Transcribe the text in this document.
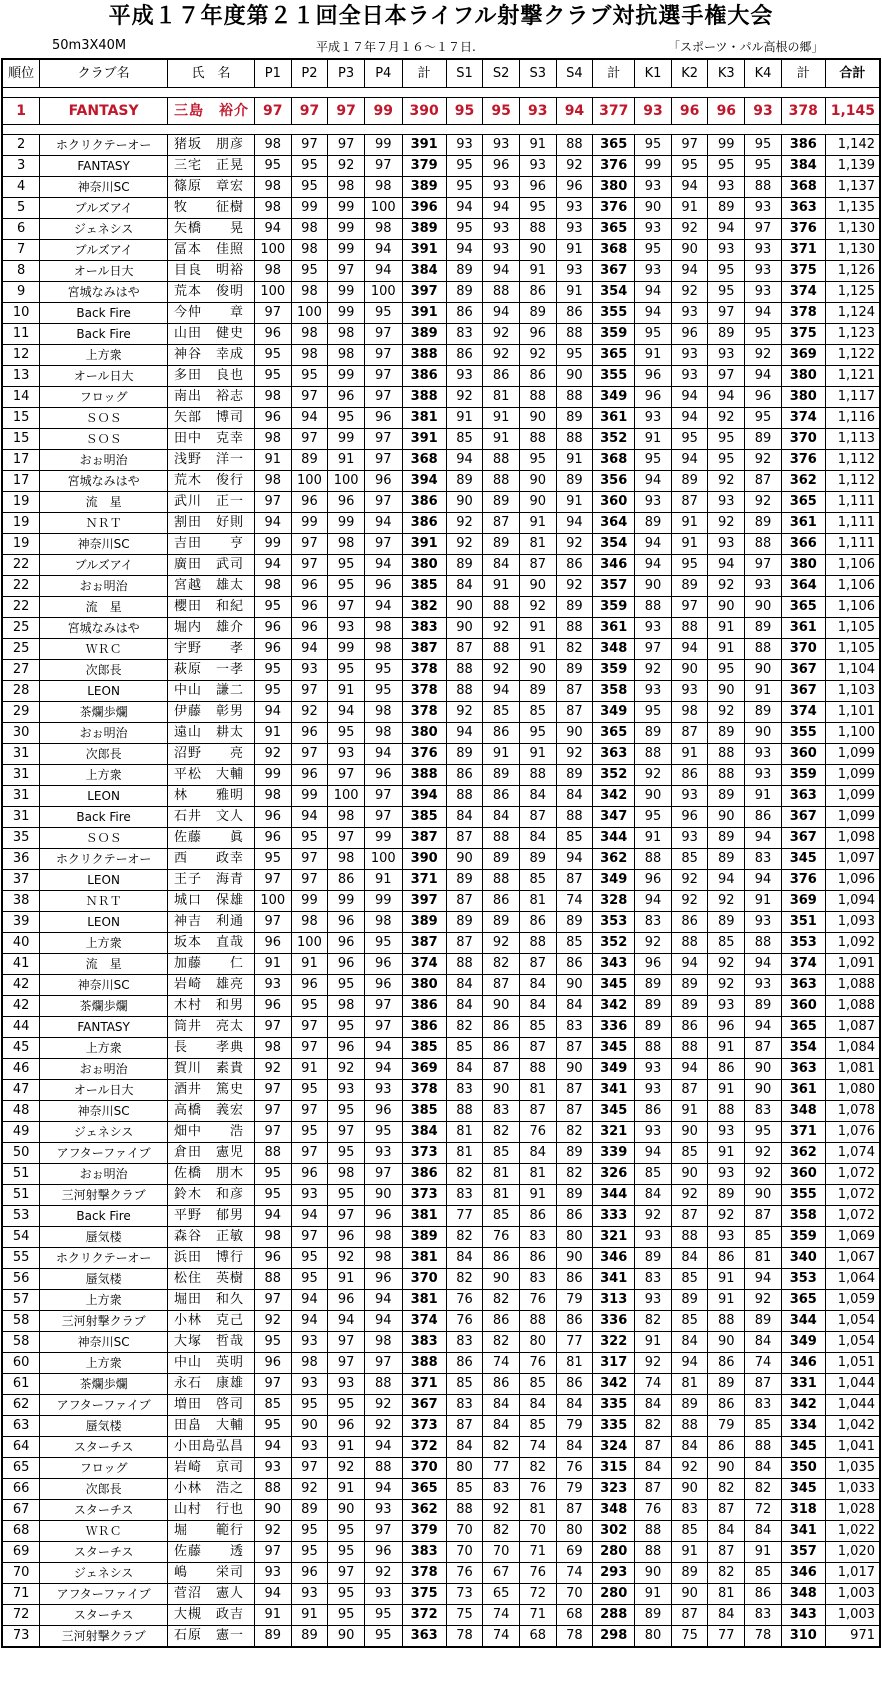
平成１７年度第２１回全日本ライフル射撃クラブ対抗選手権大会
50m3X40M	平成１７年７月１６～１７日.	「スポーツ・パル高根の郷」
順位	クラブ名	氏　名	P1	P2	P3	P4	計	S1	S2	S3	S4	計	K1	K2	K3	K4	計	合計

1	FANTASY	三島　裕介	97	97	97	99	390	95	95	93	94	377	93	96	96	93	378	1,145

2	ホクリクテーオー	猪坂　朋彦	98	97	97	99	391	93	93	91	88	365	95	97	99	95	386	1,142
3	FANTASY	三宅　正晃	95	95	92	97	379	95	96	93	92	376	99	95	95	95	384	1,139
4	神奈川SC	篠原　章宏	98	95	98	98	389	95	93	96	96	380	93	94	93	88	368	1,137
5	ブルズアイ	牧　　征樹	98	99	99	100	396	94	94	95	93	376	90	91	89	93	363	1,135
6	ジェネシス	矢橋　　晃	94	98	99	98	389	95	93	88	93	365	93	92	94	97	376	1,130
7	ブルズアイ	冨本　佳照	100	98	99	94	391	94	93	90	91	368	95	90	93	93	371	1,130
8	オール日大	目良　明裕	98	95	97	94	384	89	94	91	93	367	93	94	95	93	375	1,126
9	宮城なみはや	荒本　俊明	100	98	99	100	397	89	88	86	91	354	94	92	95	93	374	1,125
10	Back Fire	今仲　　章	97	100	99	95	391	86	94	89	86	355	94	93	97	94	378	1,124
11	Back Fire	山田　健史	96	98	98	97	389	83	92	96	88	359	95	96	89	95	375	1,123
12	上方衆	神谷　幸成	95	98	98	97	388	86	92	92	95	365	91	93	93	92	369	1,122
13	オール日大	多田　良也	95	95	99	97	386	93	86	86	90	355	96	93	97	94	380	1,121
14	フロッグ	南出　裕志	98	97	96	97	388	92	81	88	88	349	96	94	94	96	380	1,117
15	ＳＯＳ	矢部　博司	96	94	95	96	381	91	91	90	89	361	93	94	92	95	374	1,116
15	ＳＯＳ	田中　克幸	98	97	99	97	391	85	91	88	88	352	91	95	95	89	370	1,113
17	おぉ明治	浅野　洋一	91	89	91	97	368	94	88	95	91	368	95	94	95	92	376	1,112
17	宮城なみはや	荒木　俊行	98	100	100	96	394	89	88	90	89	356	94	89	92	87	362	1,112
19	流　星	武川　正一	97	96	96	97	386	90	89	90	91	360	93	87	93	92	365	1,111
19	ＮＲＴ	割田　好則	94	99	99	94	386	92	87	91	94	364	89	91	92	89	361	1,111
19	神奈川SC	吉田　　亨	99	97	98	97	391	92	89	81	92	354	94	91	93	88	366	1,111
22	ブルズアイ	廣田　武司	94	97	95	94	380	89	84	87	86	346	94	95	94	97	380	1,106
22	おぉ明治	宮越　雄太	98	96	95	96	385	84	91	90	92	357	90	89	92	93	364	1,106
22	流　星	櫻田　和紀	95	96	97	94	382	90	88	92	89	359	88	97	90	90	365	1,106
25	宮城なみはや	堀内　雄介	96	96	93	98	383	90	92	91	88	361	93	88	91	89	361	1,105
25	ＷＲＣ	宇野　　孝	96	94	99	98	387	87	88	91	82	348	97	94	91	88	370	1,105
27	次郎長	萩原　一孝	95	93	95	95	378	88	92	90	89	359	92	90	95	90	367	1,104
28	LEON	中山　謙二	95	97	91	95	378	88	94	89	87	358	93	93	90	91	367	1,103
29	茶爛歩爛	伊藤　彰男	94	92	94	98	378	92	85	85	87	349	95	98	92	89	374	1,101
30	おぉ明治	遠山　耕太	91	96	95	98	380	94	86	95	90	365	89	87	89	90	355	1,100
31	次郎長	沼野　　亮	92	97	93	94	376	89	91	91	92	363	88	91	88	93	360	1,099
31	上方衆	平松　大輔	99	96	97	96	388	86	89	88	89	352	92	86	88	93	359	1,099
31	LEON	林　　雅明	98	99	100	97	394	88	86	84	84	342	90	93	89	91	363	1,099
31	Back Fire	石井　文人	96	94	98	97	385	84	84	87	88	347	95	96	90	86	367	1,099
35	ＳＯＳ	佐藤　　眞	96	95	97	99	387	87	88	84	85	344	91	93	89	94	367	1,098
36	ホクリクテーオー	西　　政幸	95	97	98	100	390	90	89	89	94	362	88	85	89	83	345	1,097
37	LEON	王子　海青	97	97	86	91	371	89	88	85	87	349	96	92	94	94	376	1,096
38	ＮＲＴ	城口　保雄	100	99	99	99	397	87	86	81	74	328	94	92	92	91	369	1,094
39	LEON	神吉　利通	97	98	96	98	389	89	89	86	89	353	83	86	89	93	351	1,093
40	上方衆	坂本　直哉	96	100	96	95	387	87	92	88	85	352	92	88	85	88	353	1,092
41	流　星	加藤　　仁	91	91	96	96	374	88	82	87	86	343	96	94	92	94	374	1,091
42	神奈川SC	岩崎　雄亮	93	96	95	96	380	84	87	84	90	345	89	89	92	93	363	1,088
42	茶爛歩爛	木村　和男	96	95	98	97	386	84	90	84	84	342	89	89	93	89	360	1,088
44	FANTASY	筒井　亮太	97	97	95	97	386	82	86	85	83	336	89	86	96	94	365	1,087
45	上方衆	長　　孝典	98	97	96	94	385	85	86	87	87	345	88	88	91	87	354	1,084
46	おぉ明治	賀川　素貴	92	91	92	94	369	84	87	88	90	349	93	94	86	90	363	1,081
47	オール日大	酒井　篤史	97	95	93	93	378	83	90	81	87	341	93	87	91	90	361	1,080
48	神奈川SC	高橋　義宏	97	97	95	96	385	88	83	87	87	345	86	91	88	83	348	1,078
49	ジェネシス	畑中　　浩	97	95	97	95	384	81	82	76	82	321	93	90	93	95	371	1,076
50	アフターファイブ	倉田　憲児	88	97	95	93	373	81	85	84	89	339	94	85	91	92	362	1,074
51	おぉ明治	佐橋　朋木	95	96	98	97	386	82	81	81	82	326	85	90	93	92	360	1,072
51	三河射撃クラブ	鈴木　和彦	95	93	95	90	373	83	81	91	89	344	84	92	89	90	355	1,072
53	Back Fire	平野　郁男	94	94	97	96	381	77	85	86	86	333	92	87	92	87	358	1,072
54	蜃気楼	森谷　正敏	98	97	96	98	389	82	76	83	80	321	93	88	93	85	359	1,069
55	ホクリクテーオー	浜田　博行	96	95	92	98	381	84	86	86	90	346	89	84	86	81	340	1,067
56	蜃気楼	松住　英樹	88	95	91	96	370	82	90	83	86	341	83	85	91	94	353	1,064
57	上方衆	堀田　和久	97	94	96	94	381	76	82	76	79	313	93	89	91	92	365	1,059
58	三河射撃クラブ	小林　克己	92	94	94	94	374	76	86	88	86	336	82	85	88	89	344	1,054
58	神奈川SC	大塚　哲哉	95	93	97	98	383	83	82	80	77	322	91	84	90	84	349	1,054
60	上方衆	中山　英明	96	98	97	97	388	86	74	76	81	317	92	94	86	74	346	1,051
61	茶爛歩爛	永石　康雄	97	93	93	88	371	85	86	85	86	342	74	81	89	87	331	1,044
62	アフターファイブ	増田　啓司	85	95	95	92	367	83	84	84	84	335	84	89	86	83	342	1,044
63	蜃気楼	田畠　大輔	95	90	96	92	373	87	84	85	79	335	82	88	79	85	334	1,042
64	スターチス	小田島弘昌	94	93	91	94	372	84	82	74	84	324	87	84	86	88	345	1,041
65	フロッグ	岩崎　京司	93	97	92	88	370	80	77	82	76	315	84	92	90	84	350	1,035
66	次郎長	小林　浩之	88	92	91	94	365	85	83	76	79	323	87	90	82	82	345	1,033
67	スターチス	山村　行也	90	89	90	93	362	88	92	81	87	348	76	83	87	72	318	1,028
68	ＷＲＣ	堀　　範行	92	95	95	97	379	70	82	70	80	302	88	85	84	84	341	1,022
69	スターチス	佐藤　　透	97	95	95	96	383	70	70	71	69	280	88	91	87	91	357	1,020
70	ジェネシス	嶋　　栄司	93	96	97	92	378	76	67	76	74	293	90	89	82	85	346	1,017
71	アフターファイブ	菅沼　憲人	94	93	95	93	375	73	65	72	70	280	91	90	81	86	348	1,003
72	スターチス	大槻　政吉	91	91	95	95	372	75	74	71	68	288	89	87	84	83	343	1,003
73	三河射撃クラブ	石原　憲一	89	89	90	95	363	78	74	68	78	298	80	75	77	78	310	971
